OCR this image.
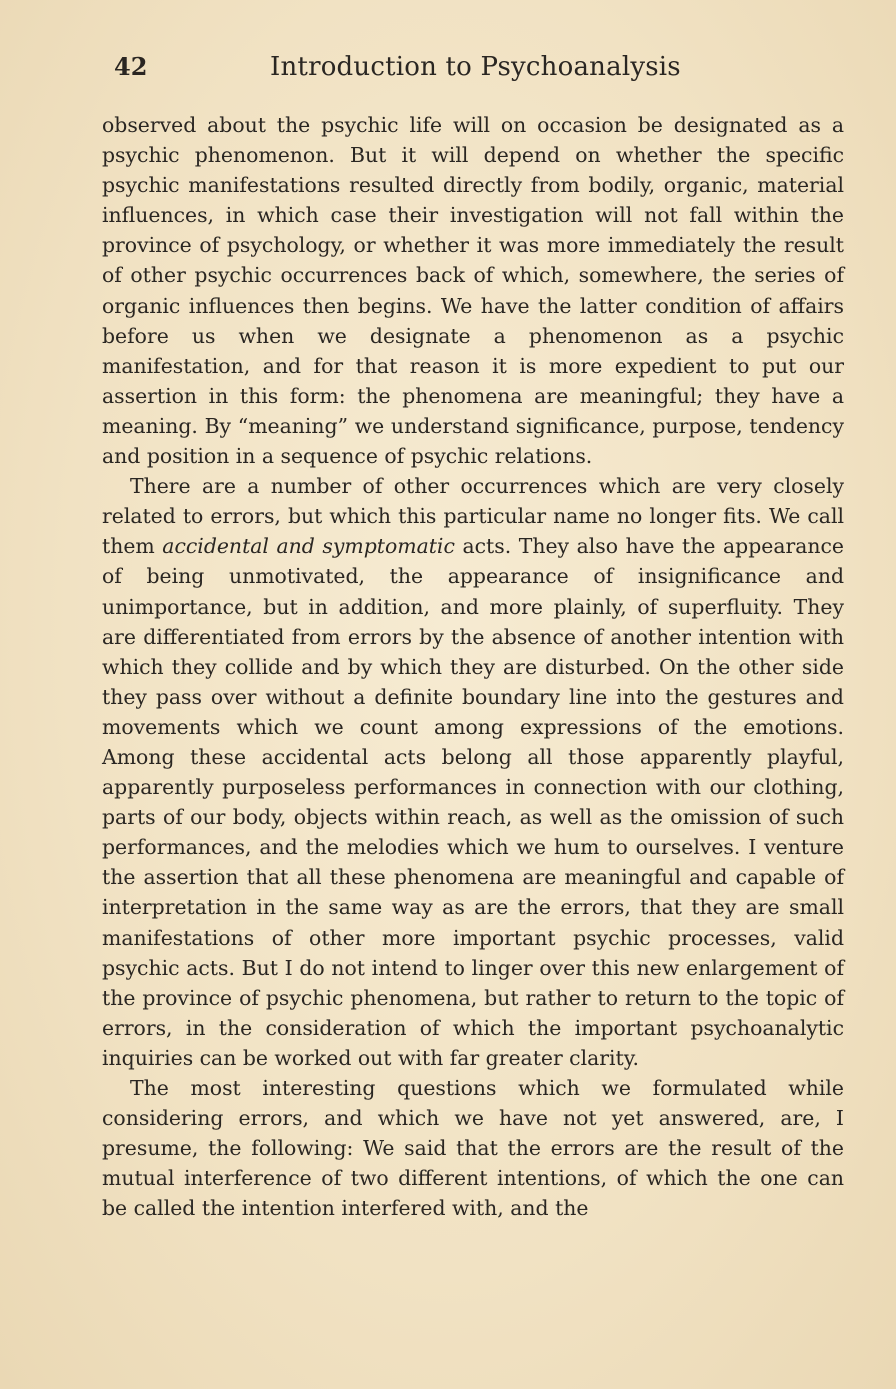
42	Introduction to Psychoanalysis

observed about the psychic life will on occasion be designated as a psychic phenomenon. But it will depend on whether the specific psychic manifestations resulted directly from bodily, organic, material influences, in which case their investigation will not fall within the province of psychology, or whether it was more immediately the result of other psychic occurrences back of which, somewhere, the series of organic influences then begins. We have the latter condition of affairs before us when we designate a phenomenon as a psychic manifestation, and for that reason it is more expedient to put our assertion in this form: the phenomena are meaningful; they have a meaning. By “meaning” we understand significance, purpose, tendency and position in a sequence of psychic relations.

There are a number of other occurrences which are very closely related to errors, but which this particular name no longer fits. We call them accidental and symptomatic acts. They also have the appearance of being unmotivated, the appearance of insignificance and unimportance, but in addition, and more plainly, of superfluity. They are differentiated from errors by the absence of another intention with which they collide and by which they are disturbed. On the other side they pass over without a definite boundary line into the gestures and movements which we count among expressions of the emotions. Among these accidental acts belong all those apparently playful, apparently purposeless performances in connection with our clothing, parts of our body, objects within reach, as well as the omission of such performances, and the melodies which we hum to ourselves. I venture the assertion that all these phenomena are meaningful and capable of interpretation in the same way as are the errors, that they are small manifestations of other more important psychic processes, valid psychic acts. But I do not intend to linger over this new enlargement of the province of psychic phenomena, but rather to return to the topic of errors, in the consideration of which the important psychoanalytic inquiries can be worked out with far greater clarity.

The most interesting questions which we formulated while considering errors, and which we have not yet answered, are, I presume, the following: We said that the errors are the result of the mutual interference of two different intentions, of which the one can be called the intention interfered with, and the
